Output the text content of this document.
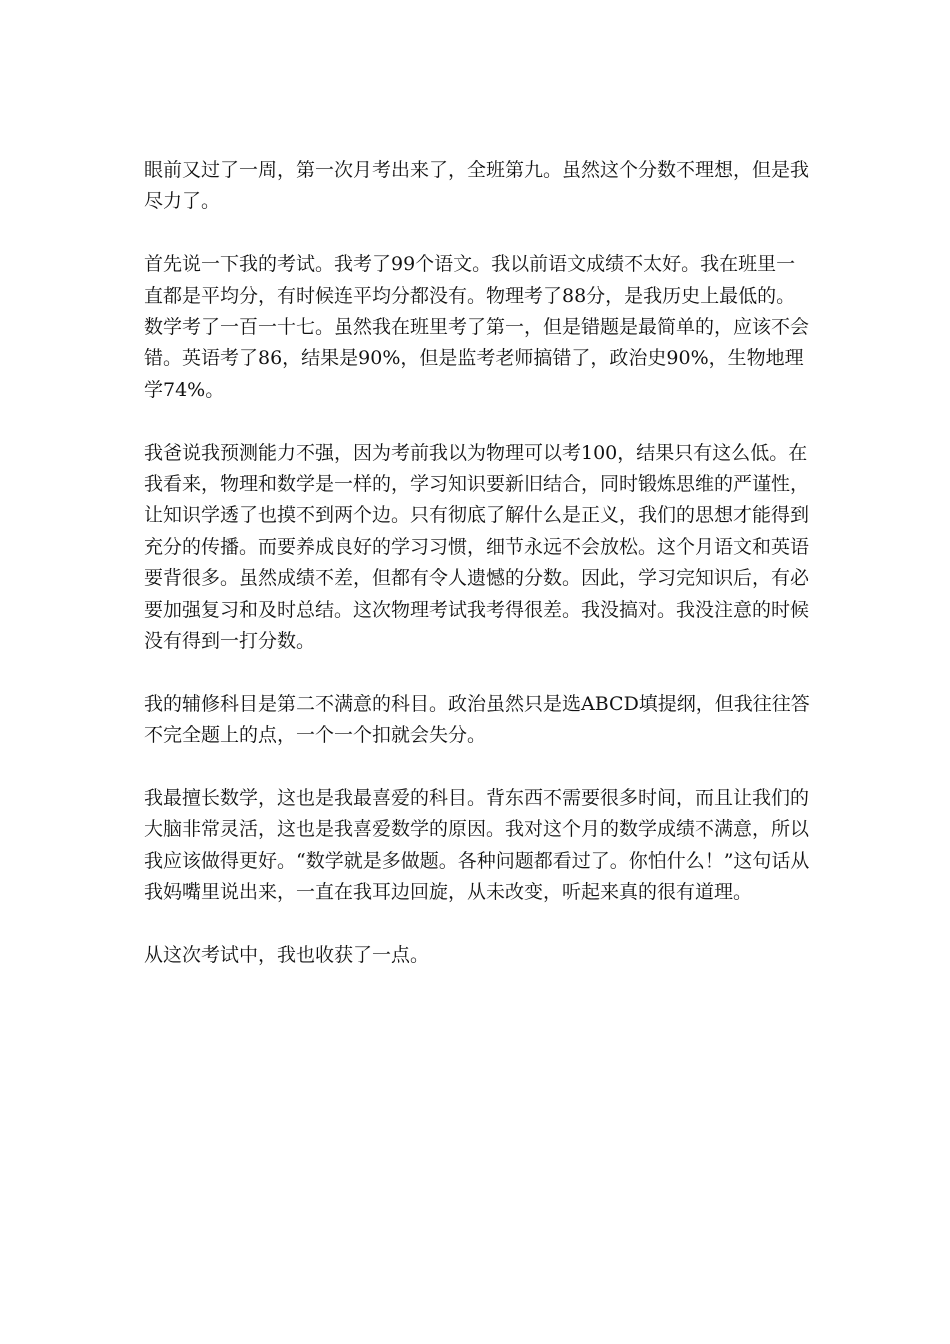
眼前又过了一周，第一次月考出来了，全班第九。虽然这个分数不理想，但是我尽力了。

首先说一下我的考试。我考了99个语文。我以前语文成绩不太好。我在班里一直都是平均分，有时候连平均分都没有。物理考了88分，是我历史上最低的。数学考了一百一十七。虽然我在班里考了第一，但是错题是最简单的，应该不会错。英语考了86，结果是90%，但是监考老师搞错了，政治史90%，生物地理学74%。

我爸说我预测能力不强，因为考前我以为物理可以考100，结果只有这么低。在我看来，物理和数学是一样的，学习知识要新旧结合，同时锻炼思维的严谨性，让知识学透了也摸不到两个边。只有彻底了解什么是正义，我们的思想才能得到充分的传播。而要养成良好的学习习惯，细节永远不会放松。这个月语文和英语要背很多。虽然成绩不差，但都有令人遗憾的分数。因此，学习完知识后，有必要加强复习和及时总结。这次物理考试我考得很差。我没搞对。我没注意的时候没有得到一打分数。

我的辅修科目是第二不满意的科目。政治虽然只是选ABCD填提纲，但我往往答不完全题上的点，一个一个扣就会失分。

我最擅长数学，这也是我最喜爱的科目。背东西不需要很多时间，而且让我们的大脑非常灵活，这也是我喜爱数学的原因。我对这个月的数学成绩不满意，所以我应该做得更好。“数学就是多做题。各种问题都看过了。你怕什么！”这句话从我妈嘴里说出来，一直在我耳边回旋，从未改变，听起来真的很有道理。

从这次考试中，我也收获了一点。
